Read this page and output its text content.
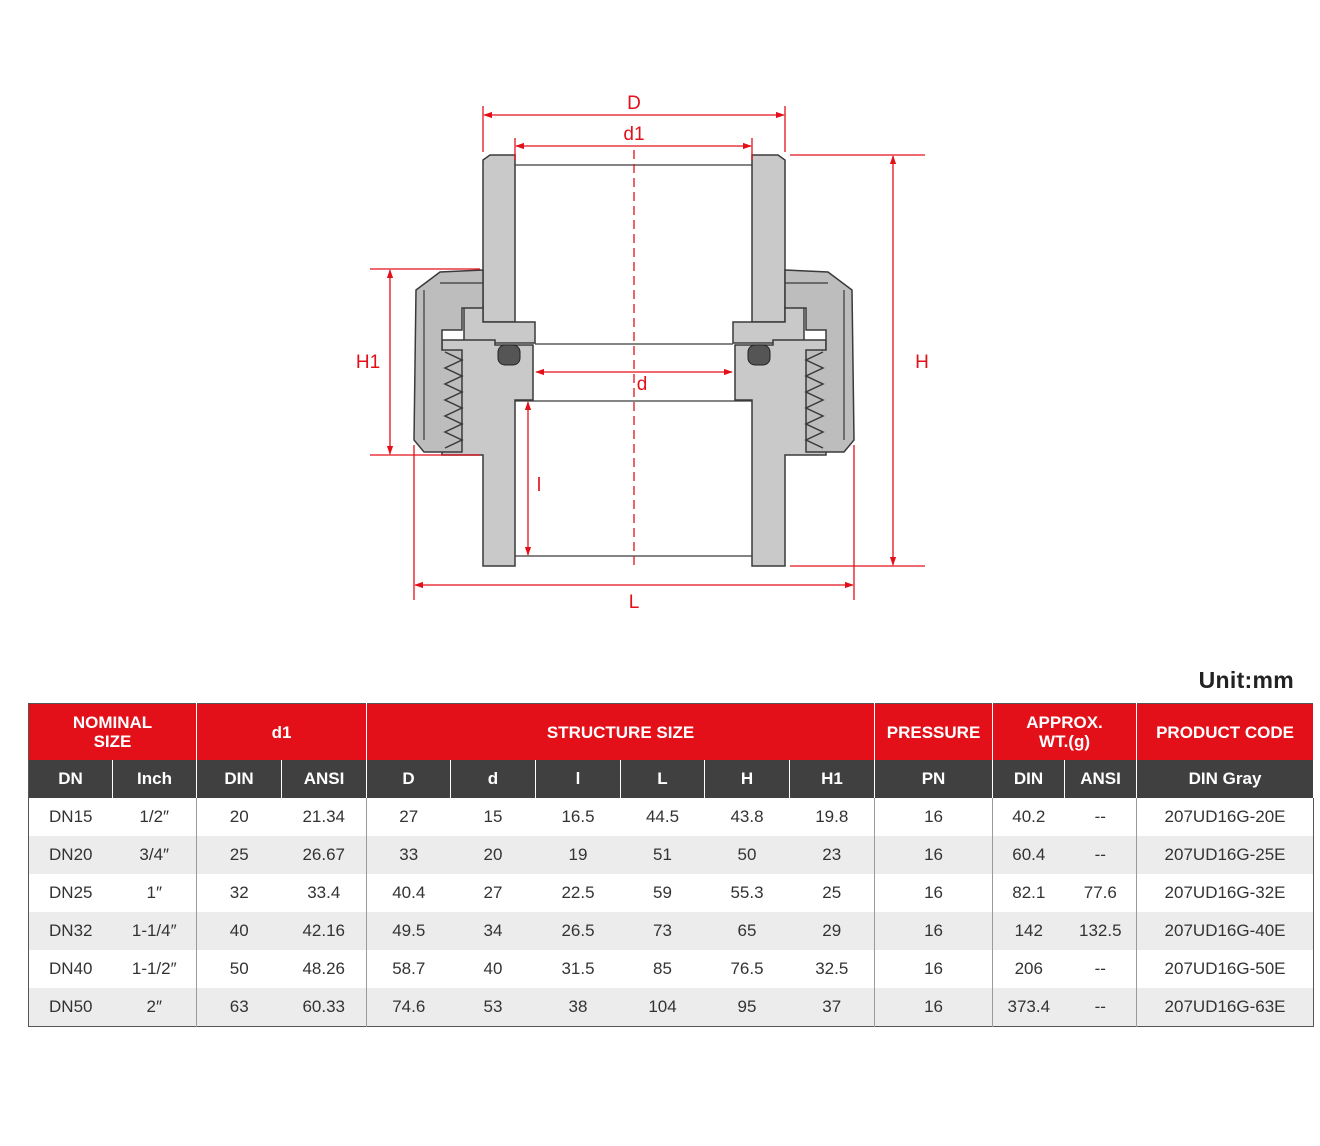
D
d1
d
H
H1
l
L
Unit:mm
NOMINAL SIZE		d1		STRUCTURE SIZE						PRESSURE	APPROX. WT.(g)		PRODUCT CODE
DN	Inch	DIN	ANSI	D	d	l	L	H	H1	PN	DIN	ANSI	DIN Gray
DN15	1/2″	20	21.34	27	15	16.5	44.5	43.8	19.8	16	40.2	--	207UD16G-20E
DN20	3/4″	25	26.67	33	20	19	51	50	23	16	60.4	--	207UD16G-25E
DN25	1″	32	33.4	40.4	27	22.5	59	55.3	25	16	82.1	77.6	207UD16G-32E
DN32	1-1/4″	40	42.16	49.5	34	26.5	73	65	29	16	142	132.5	207UD16G-40E
DN40	1-1/2″	50	48.26	58.7	40	31.5	85	76.5	32.5	16	206	--	207UD16G-50E
DN50	2″	63	60.33	74.6	53	38	104	95	37	16	373.4	--	207UD16G-63E
